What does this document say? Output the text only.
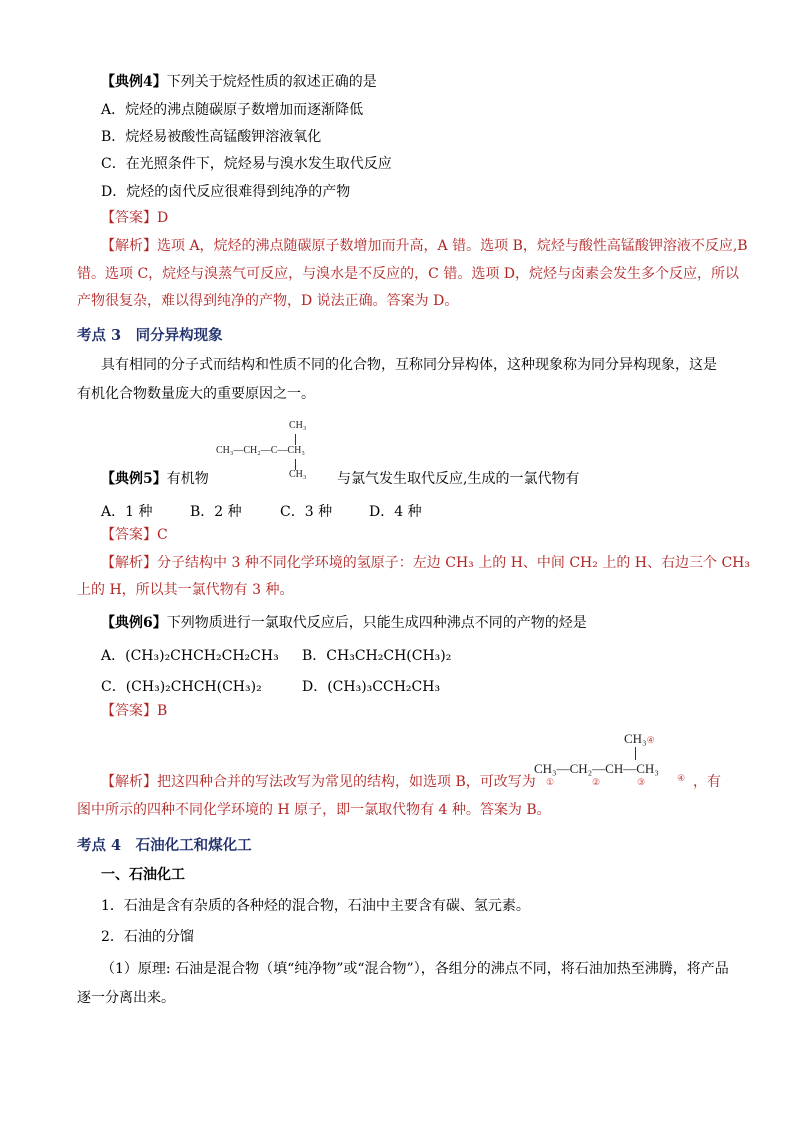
【典例4】下列关于烷烃性质的叙述正确的是
A．烷烃的沸点随碳原子数增加而逐渐降低
B．烷烃易被酸性高锰酸钾溶液氧化
C．在光照条件下，烷烃易与溴水发生取代反应
D．烷烃的卤代反应很难得到纯净的产物
【答案】D
【解析】选项 A，烷烃的沸点随碳原子数增加而升高，A 错。选项 B，烷烃与酸性高锰酸钾溶液不反应,B
错。选项 C，烷烃与溴蒸气可反应，与溴水是不反应的，C 错。选项 D，烷烃与卤素会发生多个反应，所以
产物很复杂，难以得到纯净的产物，D 说法正确。答案为 D。
考点 3　同分异构现象
具有相同的分子式而结构和性质不同的化合物，互称同分异构体，这种现象称为同分异构现象，这是
有机化合物数量庞大的重要原因之一。
CH₃
CH₃—CH₂—C—CH₃
CH₃
【典例5】有机物	与氯气发生取代反应,生成的一氯代物有
A．1 种	B．2 种	C．3 种	D．4 种
【答案】C
【解析】分子结构中 3 种不同化学环境的氢原子：左边 CH₃ 上的 H、中间 CH₂ 上的 H、右边三个 CH₃
上的 H，所以其一氯代物有 3 种。
【典例6】下列物质进行一氯取代反应后，只能生成四种沸点不同的产物的烃是
A．(CH₃)₂CHCH₂CH₂CH₃ B．CH₃CH₂CH(CH₃)₂
C．(CH₃)₂CHCH(CH₃)₂	D．(CH₃)₃CCH₂CH₃
【答案】B
CH₃④
CH₃—CH₂—CH—CH₃
①	②	③	④
【解析】把这四种合并的写法改写为常见的结构，如选项 B，可改写为	，有
图中所示的四种不同化学环境的 H 原子，即一氯取代物有 4 种。答案为 B。
考点 4　石油化工和煤化工
一、石油化工
1．石油是含有杂质的各种烃的混合物，石油中主要含有碳、氢元素。
2．石油的分馏
（1）原理: 石油是混合物（填“纯净物”或“混合物”），各组分的沸点不同，将石油加热至沸腾，将产品
逐一分离出来。
